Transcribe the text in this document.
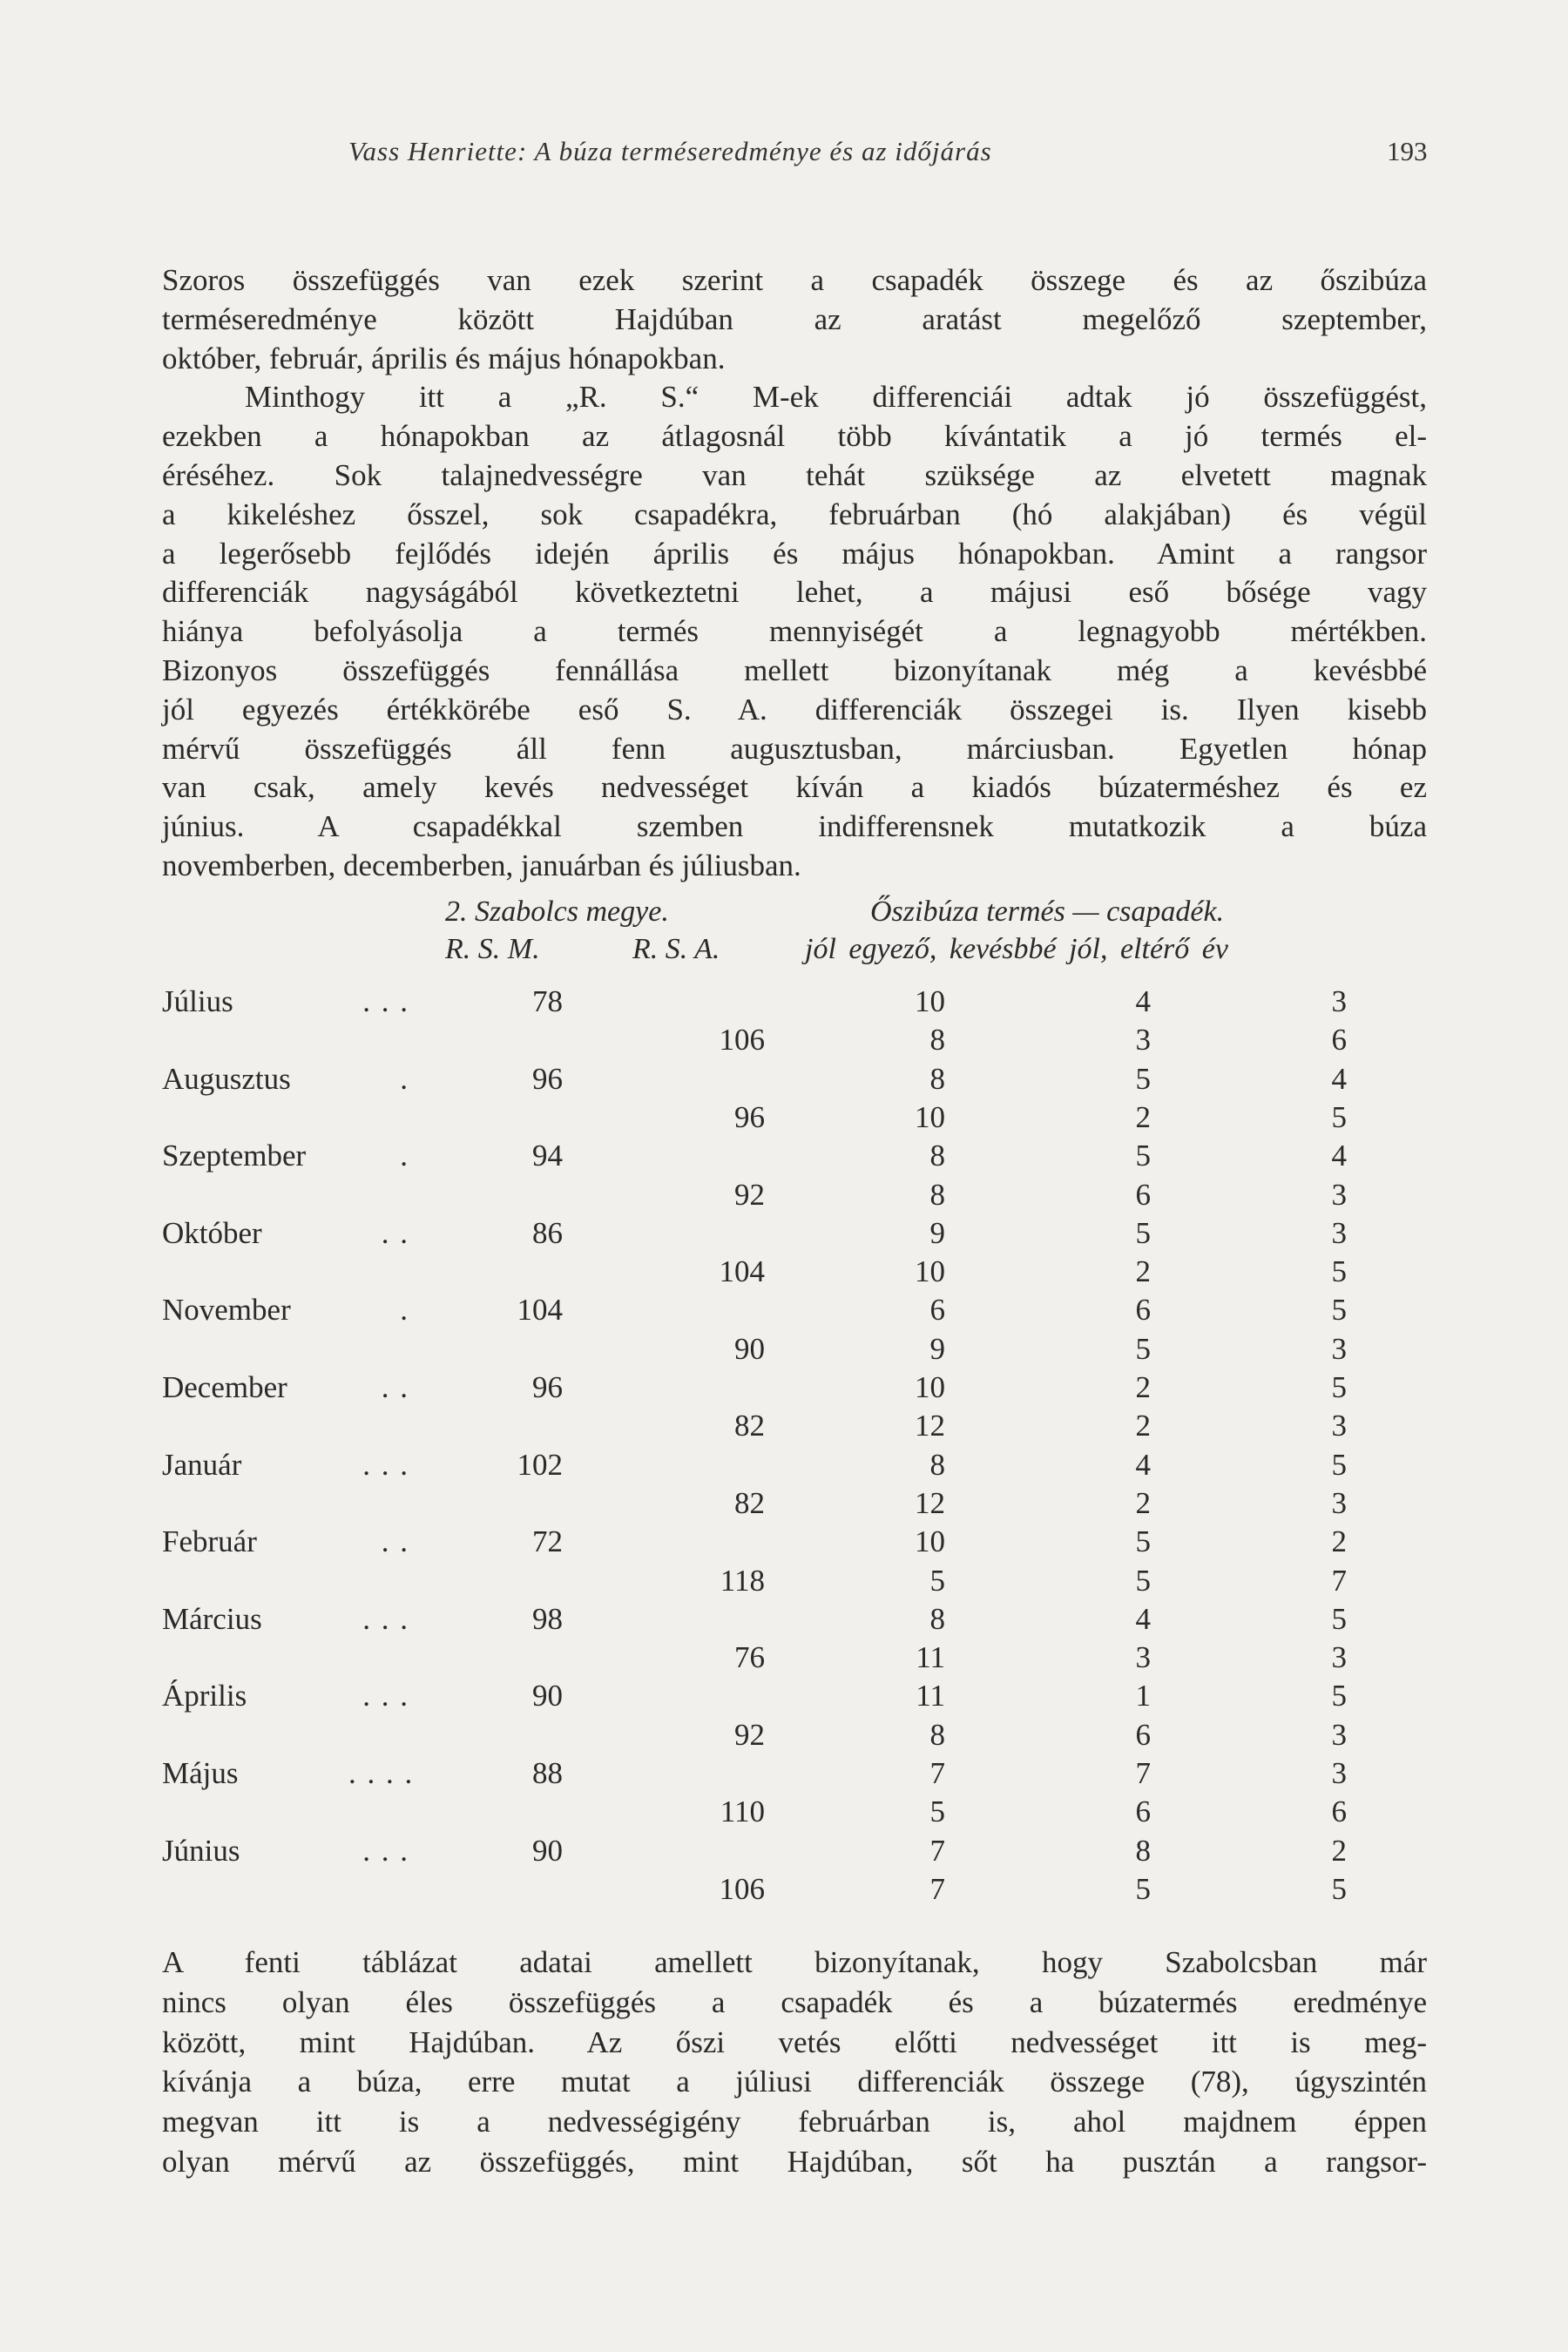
Vass Henriette: A búza terméseredménye és az időjárás	193
Szoros összefüggés van ezek szerint a csapadék összege és az őszibúza
terméseredménye között Hajdúban az aratást megelőző szeptember,
október, február, április és május hónapokban.
Minthogy itt a „R. S.“ M-ek differenciái adtak jó összefüggést,
ezekben a hónapokban az átlagosnál több kívántatik a jó termés el-
éréséhez. Sok talajnedvességre van tehát szüksége az elvetett magnak
a kikeléshez ősszel, sok csapadékra, februárban (hó alakjában) és végül
a legerősebb fejlődés idején április és május hónapokban. Amint a rangsor
differenciák nagyságából következtetni lehet, a májusi eső bősége vagy
hiánya befolyásolja a termés mennyiségét a legnagyobb mértékben.
Bizonyos összefüggés fennállása mellett bizonyítanak még a kevésbbé
jól egyezés értékkörébe eső S. A. differenciák összegei is. Ilyen kisebb
mérvű összefüggés áll fenn augusztusban, márciusban. Egyetlen hónap
van csak, amely kevés nedvességet kíván a kiadós búzaterméshez és ez
június. A csapadékkal szemben indifferensnek mutatkozik a búza
novemberben, decemberben, januárban és júliusban.
2. Szabolcs megye.	Őszibúza termés — csapadék.
R. S. M.	R. S. A.	jól egyező, kevésbbé jól, eltérő év
Július	. . .	78	10	4	3
106	8	3	6
Augusztus	.	96	8	5	4
96	10	2	5
Szeptember	.	94	8	5	4
92	8	6	3
Október	. .	86	9	5	3
104	10	2	5
November	.	104	6	6	5
90	9	5	3
December	. .	96	10	2	5
82	12	2	3
Január	. . .	102	8	4	5
82	12	2	3
Február	. .	72	10	5	2
118	5	5	7
Március	. . .	98	8	4	5
76	11	3	3
Április	. . .	90	11	1	5
92	8	6	3
Május	. . . .	88	7	7	3
110	5	6	6
Június	. . .	90	7	8	2
106	7	5	5
A fenti táblázat adatai amellett bizonyítanak, hogy Szabolcsban már
nincs olyan éles összefüggés a csapadék és a búzatermés eredménye
között, mint Hajdúban. Az őszi vetés előtti nedvességet itt is meg-
kívánja a búza, erre mutat a júliusi differenciák összege (78), úgyszintén
megvan itt is a nedvességigény februárban is, ahol majdnem éppen
olyan mérvű az összefüggés, mint Hajdúban, sőt ha pusztán a rangsor-
